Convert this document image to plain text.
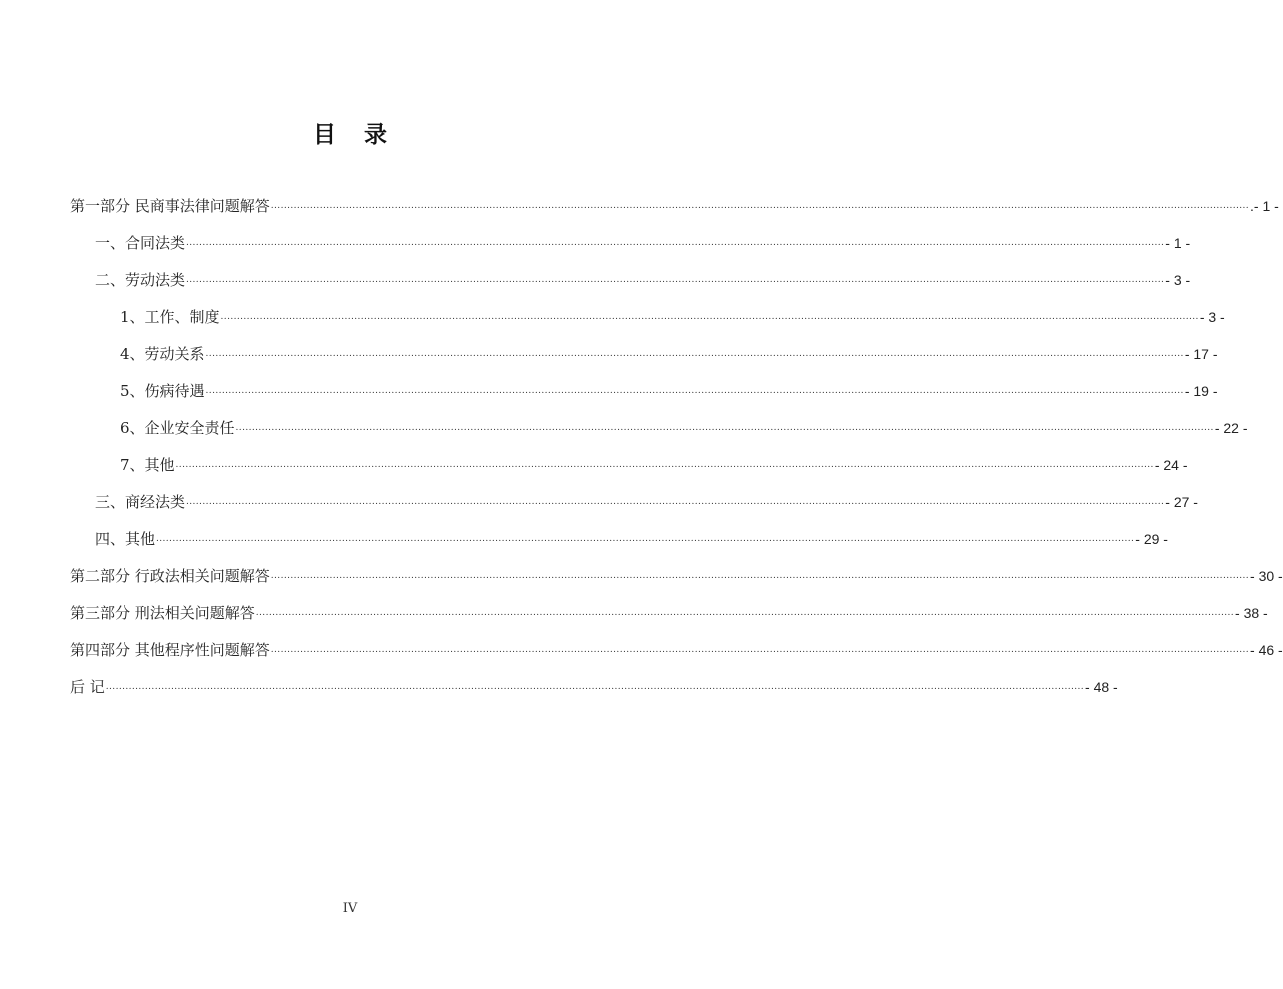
目 录
第一部分 民商事法律问题解答 ............................................................................................................................................................................................................................................................................................................ .- 1 -
一、合同法类 ............................................................................................................................................................................................................................................................................................................ - 1 -
二、劳动法类 ............................................................................................................................................................................................................................................................................................................ - 3 -
1、工作、制度 ............................................................................................................................................................................................................................................................................................................ - 3 -
4、劳动关系 ............................................................................................................................................................................................................................................................................................................ - 17 -
5、伤病待遇 ............................................................................................................................................................................................................................................................................................................ - 19 -
6、企业安全责任 ............................................................................................................................................................................................................................................................................................................ - 22 -
7、其他 ............................................................................................................................................................................................................................................................................................................ - 24 -
三、商经法类 ............................................................................................................................................................................................................................................................................................................ - 27 -
四、其他 ............................................................................................................................................................................................................................................................................................................ - 29 -
第二部分 行政法相关问题解答 ............................................................................................................................................................................................................................................................................................................ - 30 -
第三部分 刑法相关问题解答 ............................................................................................................................................................................................................................................................................................................ - 38 -
第四部分 其他程序性问题解答 ............................................................................................................................................................................................................................................................................................................ - 46 -
后 记 ............................................................................................................................................................................................................................................................................................................ - 48 -
IV
